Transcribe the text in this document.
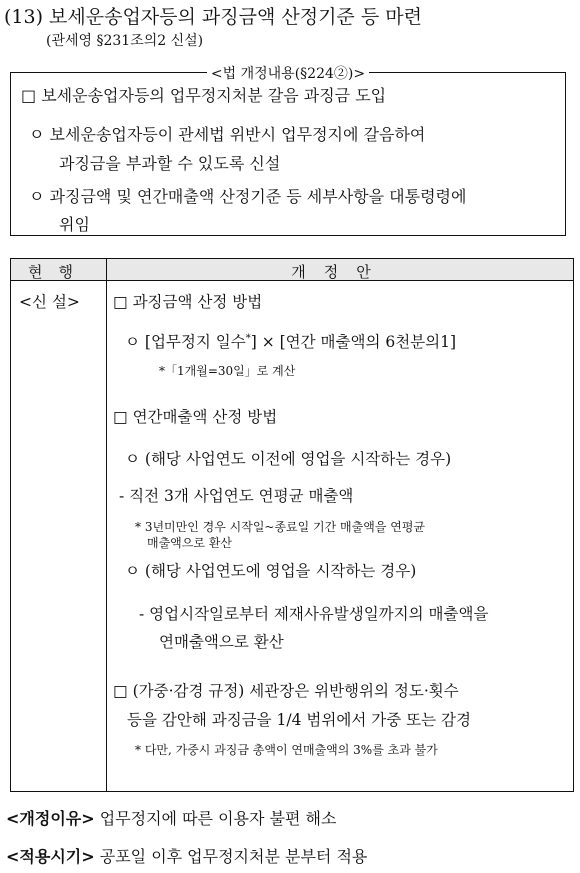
(13) 보세운송업자등의 과징금액 산정기준 등 마련
(관세영 §231조의2 신설)
<법 개정내용(§224②)>
□ 보세운송업자등의 업무정지처분 갈음 과징금 도입
ㅇ 보세운송업자등이 관세법 위반시 업무정지에 갈음하여
과징금을 부과할 수 있도록 신설
ㅇ 과징금액 및 연간매출액 산정기준 등 세부사항을 대통령령에
위임
현행	개정안
<신 설> □ 과징금액 산정 방법
ㅇ [업무정지 일수*] × [연간 매출액의 6천분의1]
*「1개월=30일」로 계산
□ 연간매출액 산정 방법
ㅇ (해당 사업연도 이전에 영업을 시작하는 경우)
- 직전 3개 사업연도 연평균 매출액
* 3년미만인 경우 시작일~종료일 기간 매출액을 연평균
매출액으로 환산
ㅇ (해당 사업연도에 영업을 시작하는 경우)
- 영업시작일로부터 제재사유발생일까지의 매출액을
연매출액으로 환산
□ (가중·감경 규정) 세관장은 위반행위의 정도·횟수
등을 감안해 과징금을 1/4 범위에서 가중 또는 감경
* 다만, 가중시 과징금 총액이 연매출액의 3%를 초과 불가
<개정이유> 업무정지에 따른 이용자 불편 해소
<적용시기> 공포일 이후 업무정지처분 분부터 적용
